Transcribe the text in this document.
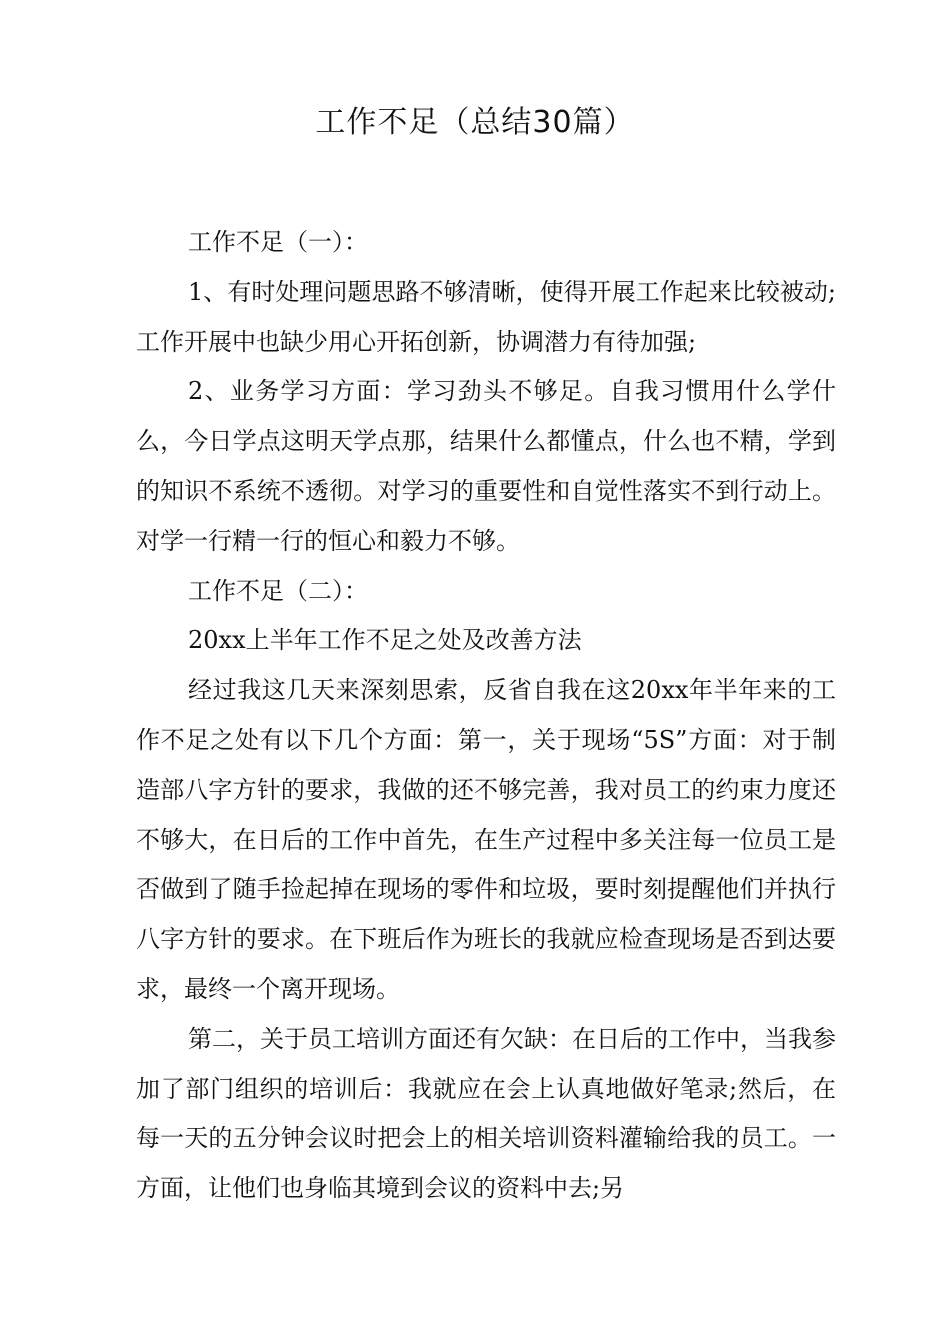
工作不足（总结30篇）

工作不足（一）：

1、有时处理问题思路不够清晰，使得开展工作起来比较被动;工作开展中也缺少用心开拓创新，协调潜力有待加强;

2、业务学习方面：学习劲头不够足。自我习惯用什么学什么，今日学点这明天学点那，结果什么都懂点，什么也不精，学到的知识不系统不透彻。对学习的重要性和自觉性落实不到行动上。对学一行精一行的恒心和毅力不够。

工作不足（二）：

20xx上半年工作不足之处及改善方法

经过我这几天来深刻思索，反省自我在这20xx年半年来的工作不足之处有以下几个方面：第一，关于现场“5S”方面：对于制造部八字方针的要求，我做的还不够完善，我对员工的约束力度还不够大，在日后的工作中首先，在生产过程中多关注每一位员工是否做到了随手捡起掉在现场的零件和垃圾，要时刻提醒他们并执行八字方针的要求。在下班后作为班长的我就应检查现场是否到达要求，最终一个离开现场。

第二，关于员工培训方面还有欠缺：在日后的工作中，当我参加了部门组织的培训后：我就应在会上认真地做好笔录;然后，在每一天的五分钟会议时把会上的相关培训资料灌输给我的员工。一方面，让他们也身临其境到会议的资料中去;另
